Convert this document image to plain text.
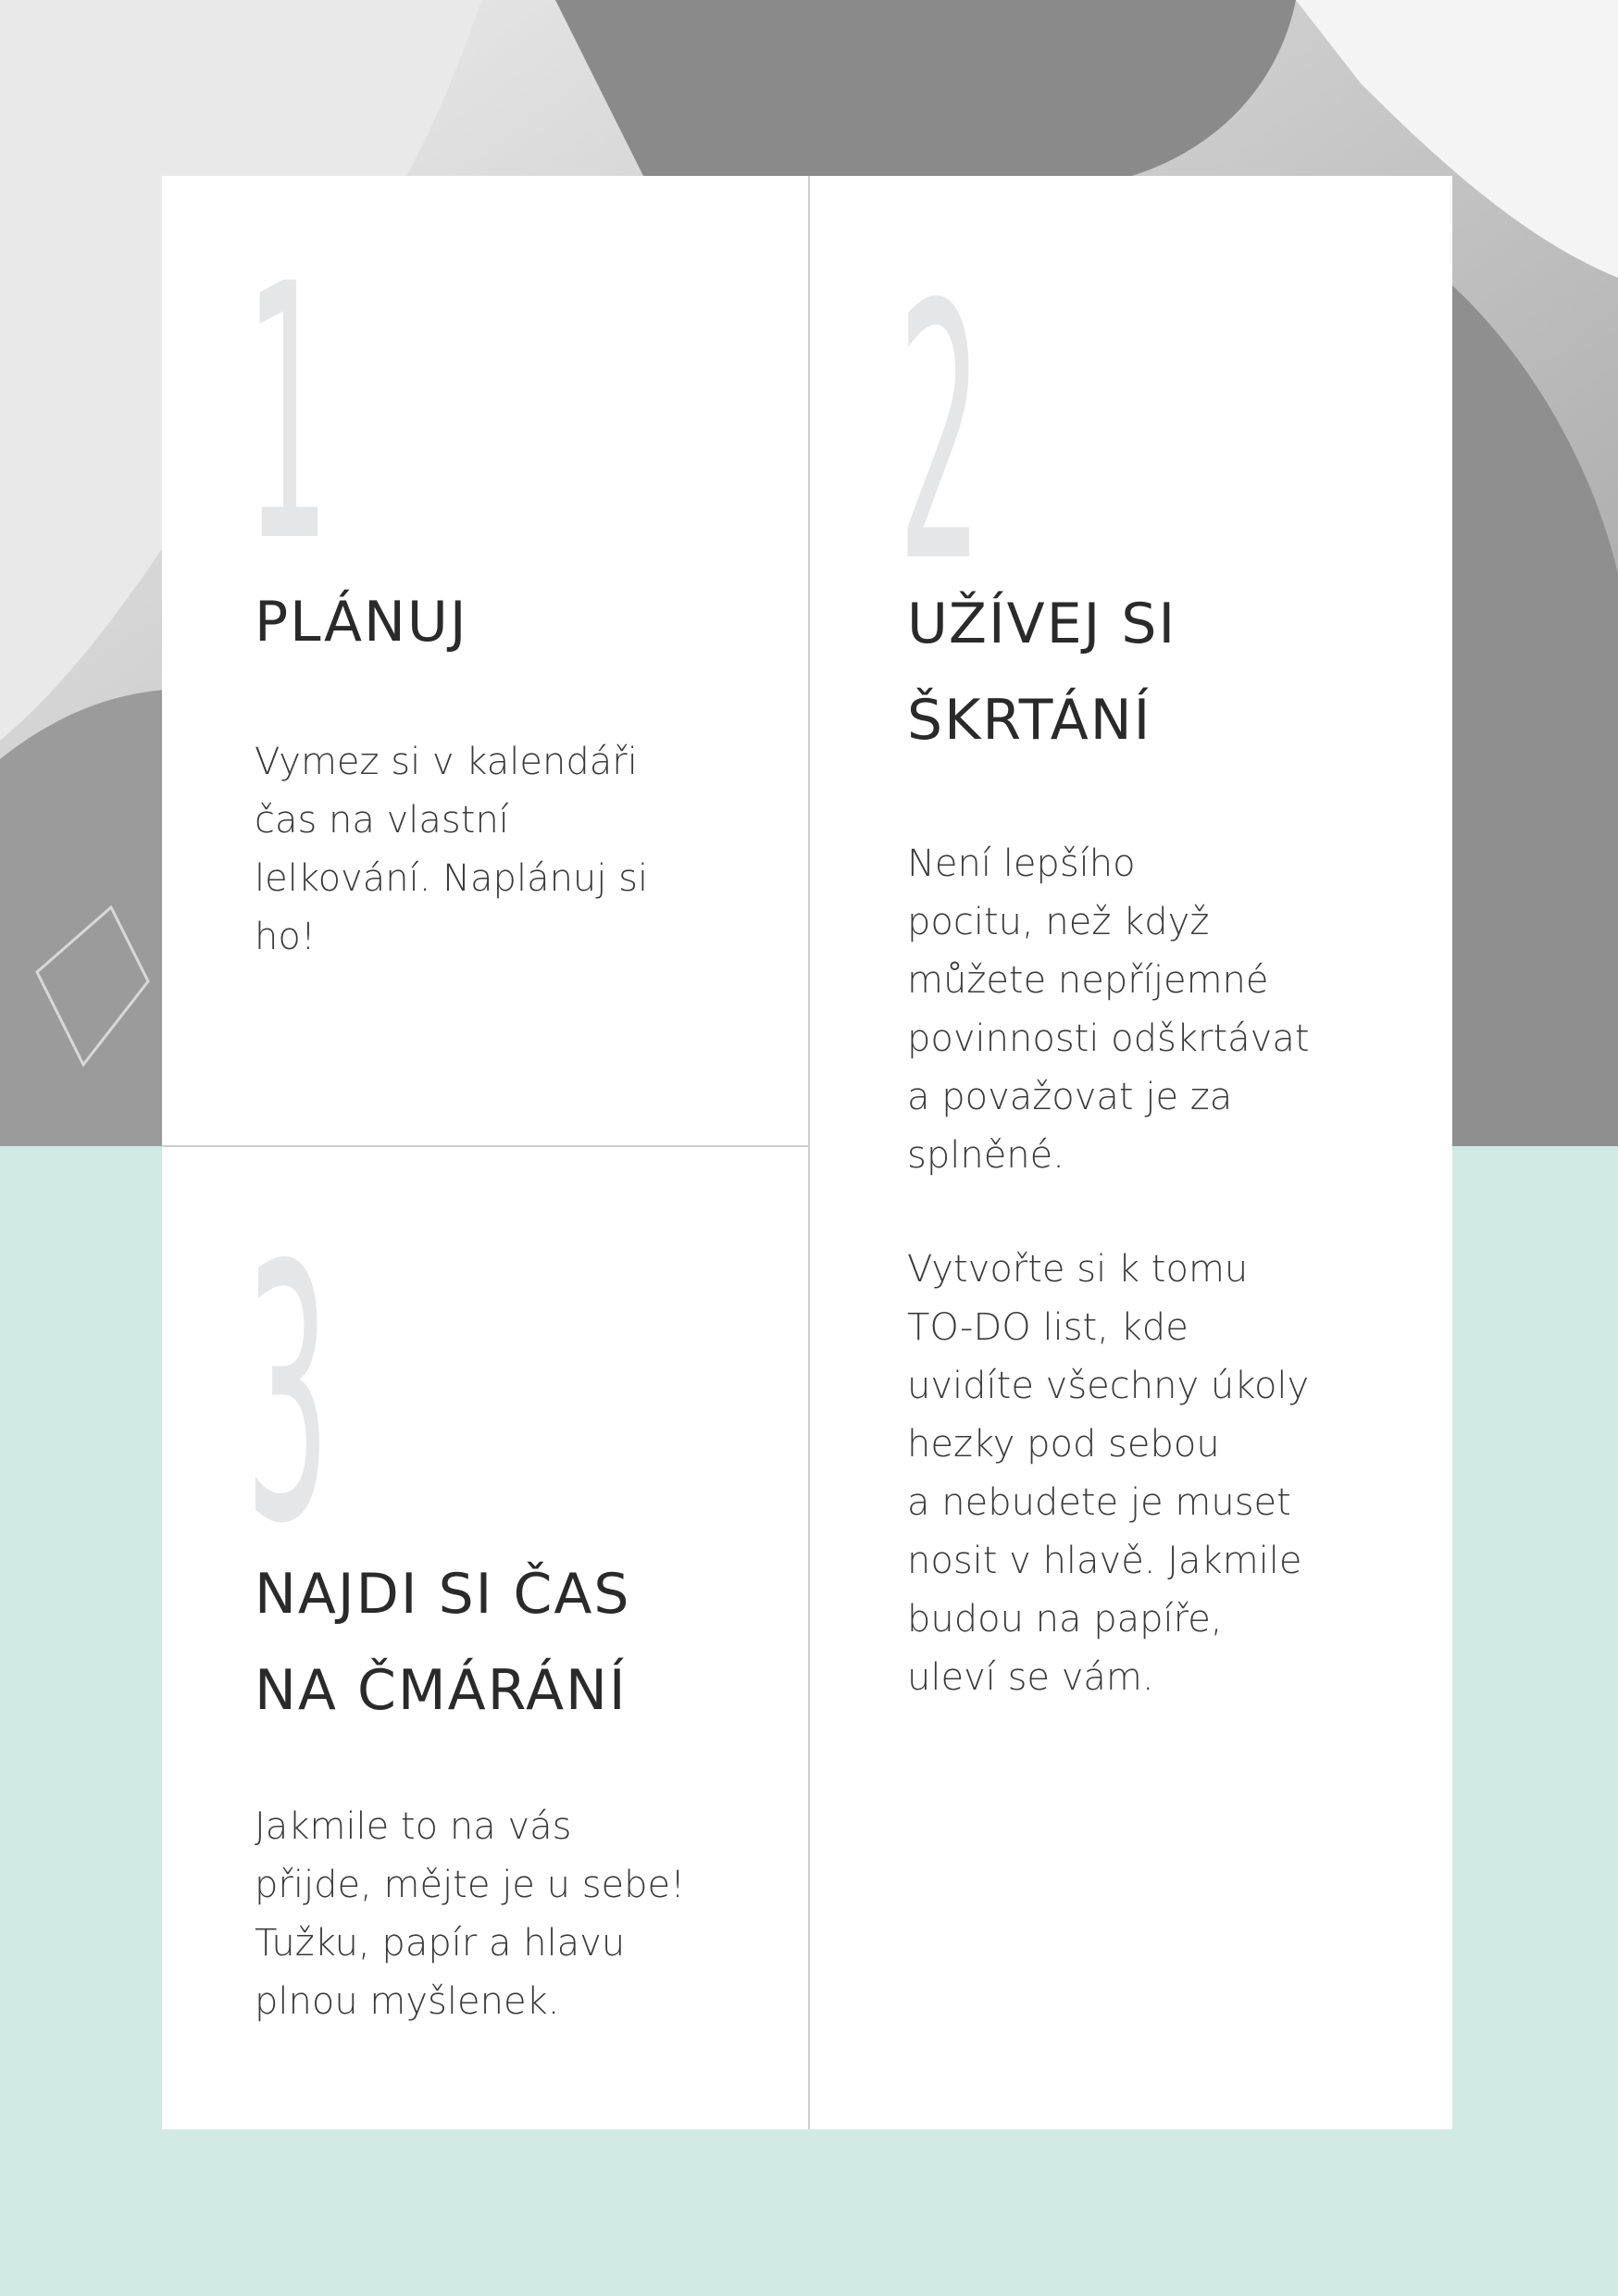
1
PLÁNUJ

Vymez si v kalendáři
čas na vlastní
lelkování. Naplánuj si
ho!

2
UŽÍVEJ SI
ŠKRTÁNÍ

Není lepšího
pocitu, než když
můžete nepříjemné
povinnosti odškrtávat
a považovat je za
splněné.

Vytvořte si k tomu
TO-DO list, kde
uvidíte všechny úkoly
hezky pod sebou
a nebudete je muset
nosit v hlavě. Jakmile
budou na papíře,
uleví se vám.

3
NAJDI SI ČAS
NA ČMÁRÁNÍ

Jakmile to na vás
přijde, mějte je u sebe!
Tužku, papír a hlavu
plnou myšlenek.
